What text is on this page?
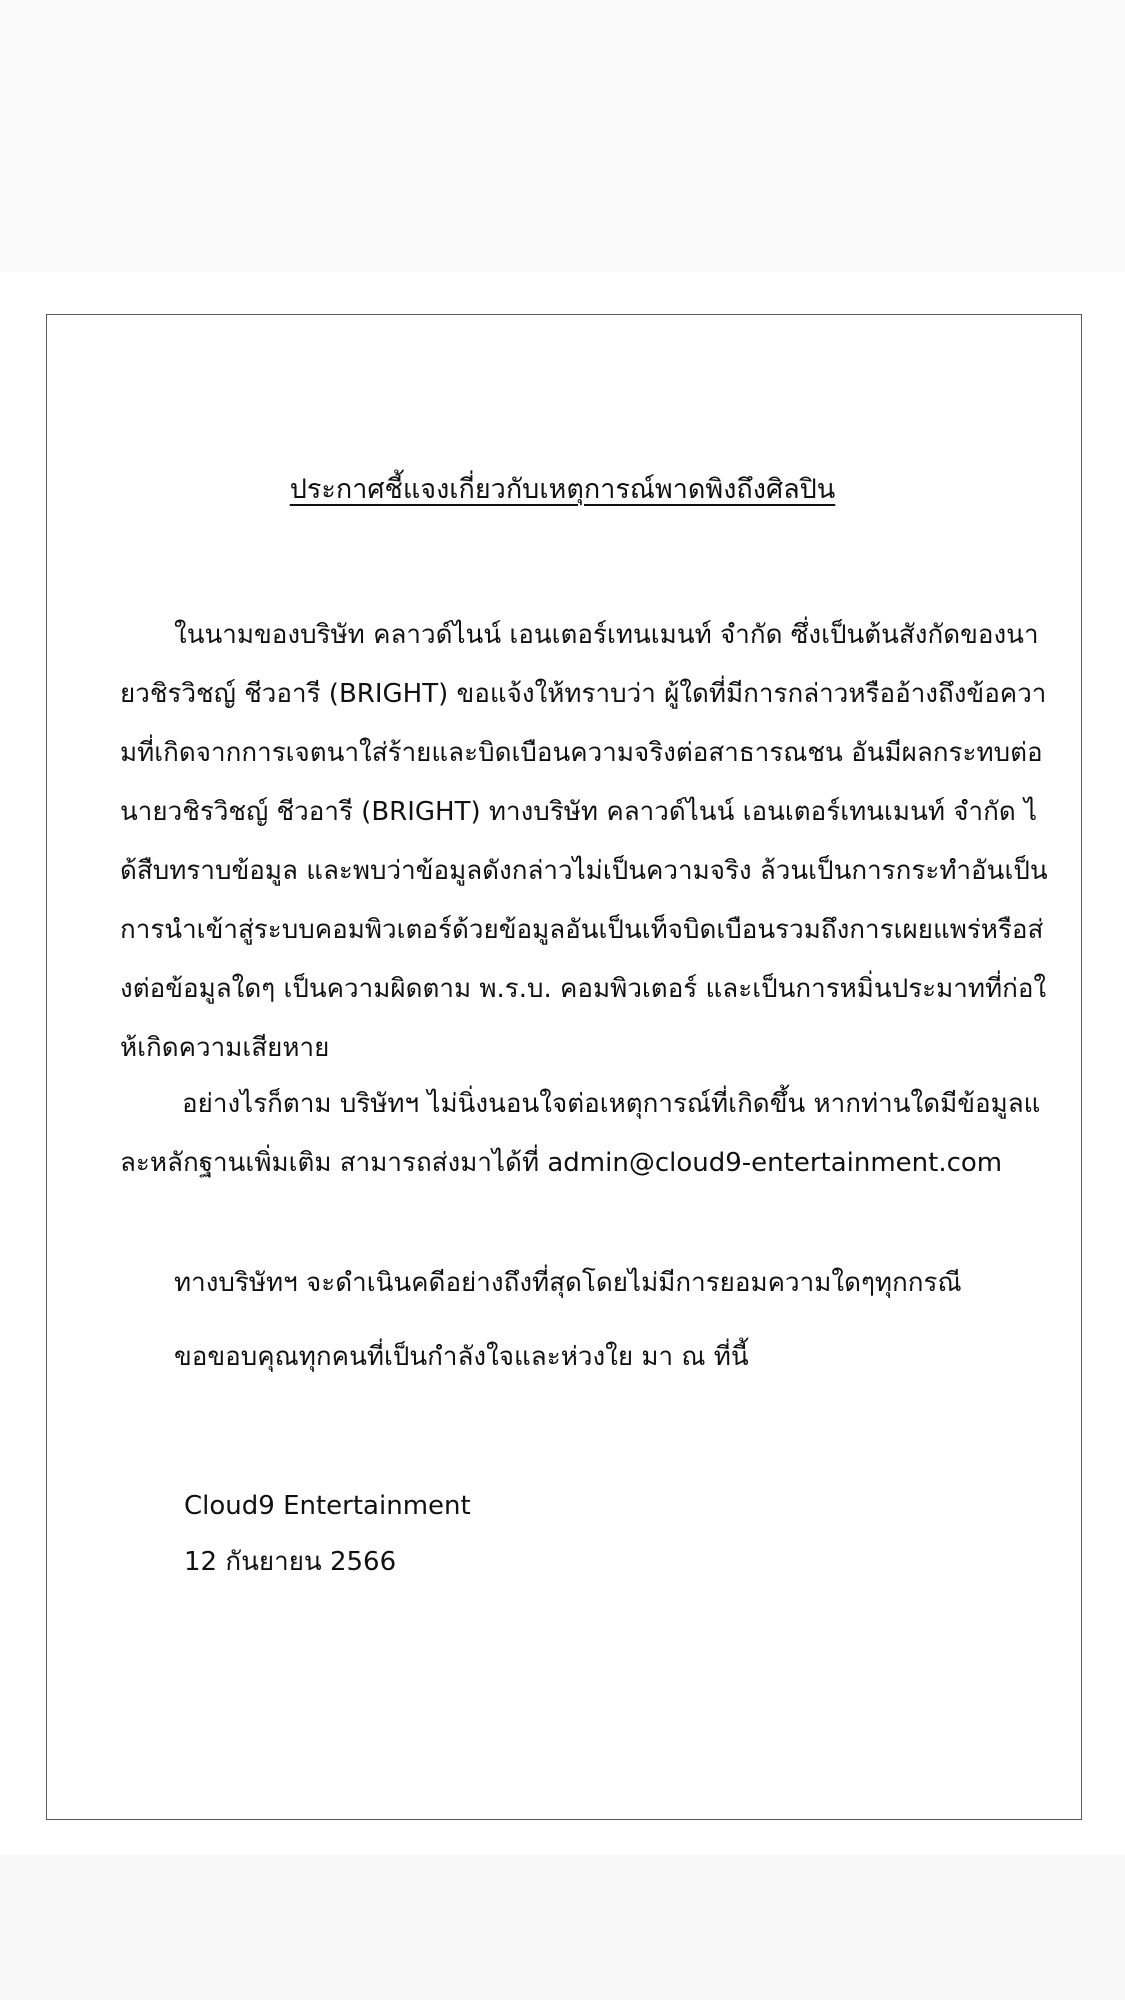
ประกาศชี้แจงเกี่ยวกับเหตุการณ์พาดพิงถึงศิลปิน
ในนามของบริษัท คลาวด์ไนน์ เอนเตอร์เทนเมนท์ จำกัด ซึ่งเป็นต้นสังกัดของนายวชิรวิชญ์ ชีวอารี (BRIGHT) ขอแจ้งให้ทราบว่า ผู้ใดที่มีการกล่าวหรืออ้างถึงข้อความที่เกิดจากการเจตนาใส่ร้ายและบิดเบือนความจริงต่อสาธารณชน อันมีผลกระทบต่อ นายวชิรวิชญ์ ชีวอารี (BRIGHT) ทางบริษัท คลาวด์ไนน์ เอนเตอร์เทนเมนท์ จำกัด ได้สืบทราบข้อมูล และพบว่าข้อมูลดังกล่าวไม่เป็นความจริง ล้วนเป็นการกระทำอันเป็นการนำเข้าสู่ระบบคอมพิวเตอร์ด้วยข้อมูลอันเป็นเท็จบิดเบือนรวมถึงการเผยแพร่หรือส่งต่อข้อมูลใดๆ เป็นความผิดตาม พ.ร.บ. คอมพิวเตอร์ และเป็นการหมิ่นประมาทที่ก่อให้เกิดความเสียหาย
อย่างไรก็ตาม บริษัทฯ ไม่นิ่งนอนใจต่อเหตุการณ์ที่เกิดขึ้น หากท่านใดมีข้อมูลและหลักฐานเพิ่มเติม สามารถส่งมาได้ที่ admin@cloud9-entertainment.com
ทางบริษัทฯ จะดำเนินคดีอย่างถึงที่สุดโดยไม่มีการยอมความใดๆทุกกรณี
ขอขอบคุณทุกคนที่เป็นกำลังใจและห่วงใย มา ณ ที่นี้
Cloud9 Entertainment
12 กันยายน 2566
